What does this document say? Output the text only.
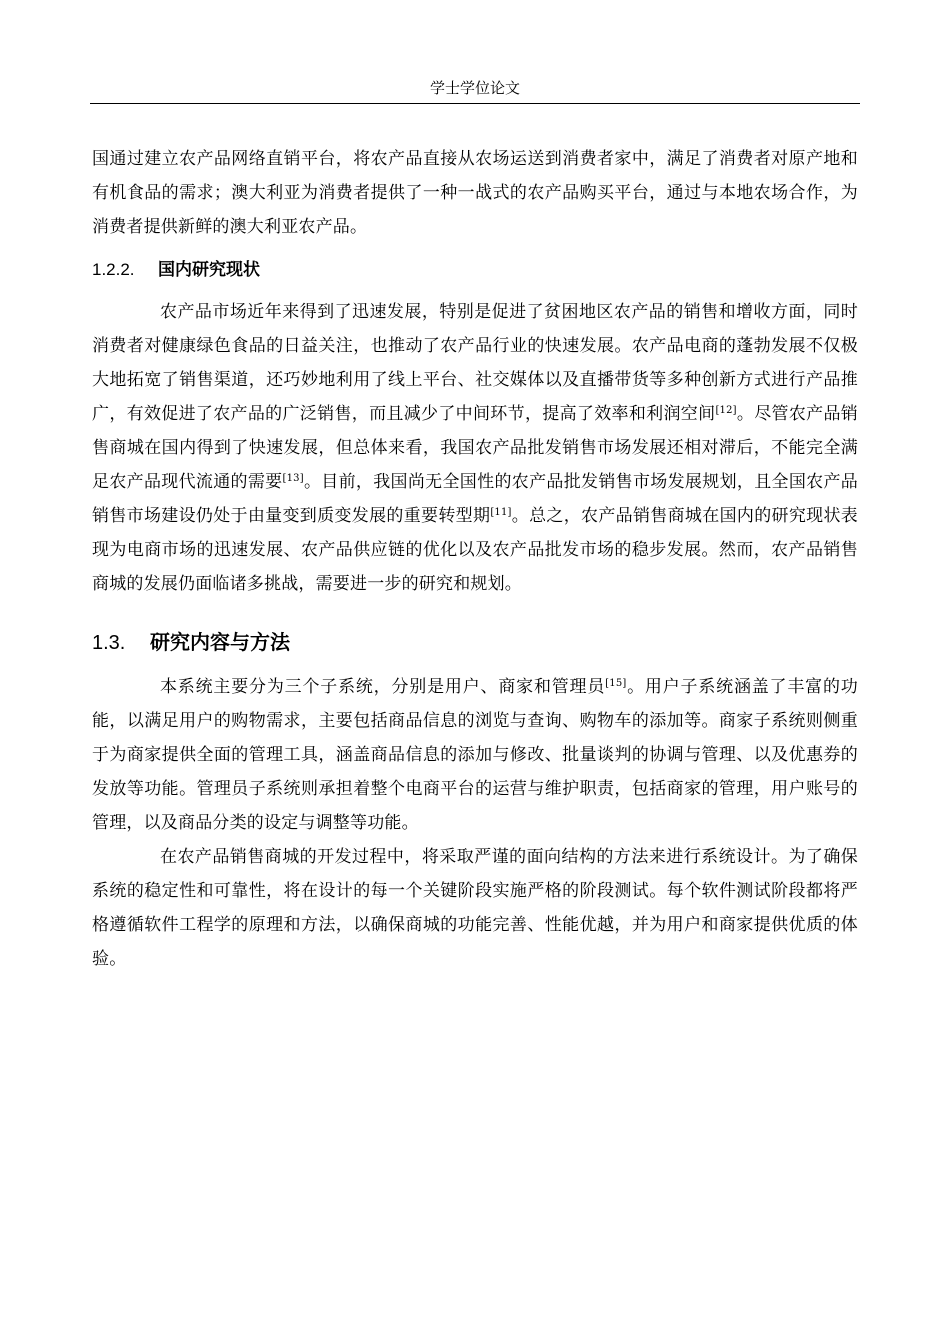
学士学位论文

国通过建立农产品网络直销平台，将农产品直接从农场运送到消费者家中，满足了消费者对原产地和有机食品的需求；澳大利亚为消费者提供了一种一战式的农产品购买平台，通过与本地农场合作，为消费者提供新鲜的澳大利亚农产品。

1.2.2. 国内研究现状

农产品市场近年来得到了迅速发展，特别是促进了贫困地区农产品的销售和增收方面，同时消费者对健康绿色食品的日益关注，也推动了农产品行业的快速发展。农产品电商的蓬勃发展不仅极大地拓宽了销售渠道，还巧妙地利用了线上平台、社交媒体以及直播带货等多种创新方式进行产品推广，有效促进了农产品的广泛销售，而且减少了中间环节，提高了效率和利润空间[12]。尽管农产品销售商城在国内得到了快速发展，但总体来看，我国农产品批发销售市场发展还相对滞后，不能完全满足农产品现代流通的需要[13]。目前，我国尚无全国性的农产品批发销售市场发展规划，且全国农产品销售市场建设仍处于由量变到质变发展的重要转型期[11]。总之，农产品销售商城在国内的研究现状表现为电商市场的迅速发展、农产品供应链的优化以及农产品批发市场的稳步发展。然而，农产品销售商城的发展仍面临诸多挑战，需要进一步的研究和规划。

1.3. 研究内容与方法

本系统主要分为三个子系统，分别是用户、商家和管理员[15]。用户子系统涵盖了丰富的功能，以满足用户的购物需求，主要包括商品信息的浏览与查询、购物车的添加等。商家子系统则侧重于为商家提供全面的管理工具，涵盖商品信息的添加与修改、批量谈判的协调与管理、以及优惠券的发放等功能。管理员子系统则承担着整个电商平台的运营与维护职责，包括商家的管理，用户账号的管理，以及商品分类的设定与调整等功能。

在农产品销售商城的开发过程中，将采取严谨的面向结构的方法来进行系统设计。为了确保系统的稳定性和可靠性，将在设计的每一个关键阶段实施严格的阶段测试。每个软件测试阶段都将严格遵循软件工程学的原理和方法，以确保商城的功能完善、性能优越，并为用户和商家提供优质的体验。
